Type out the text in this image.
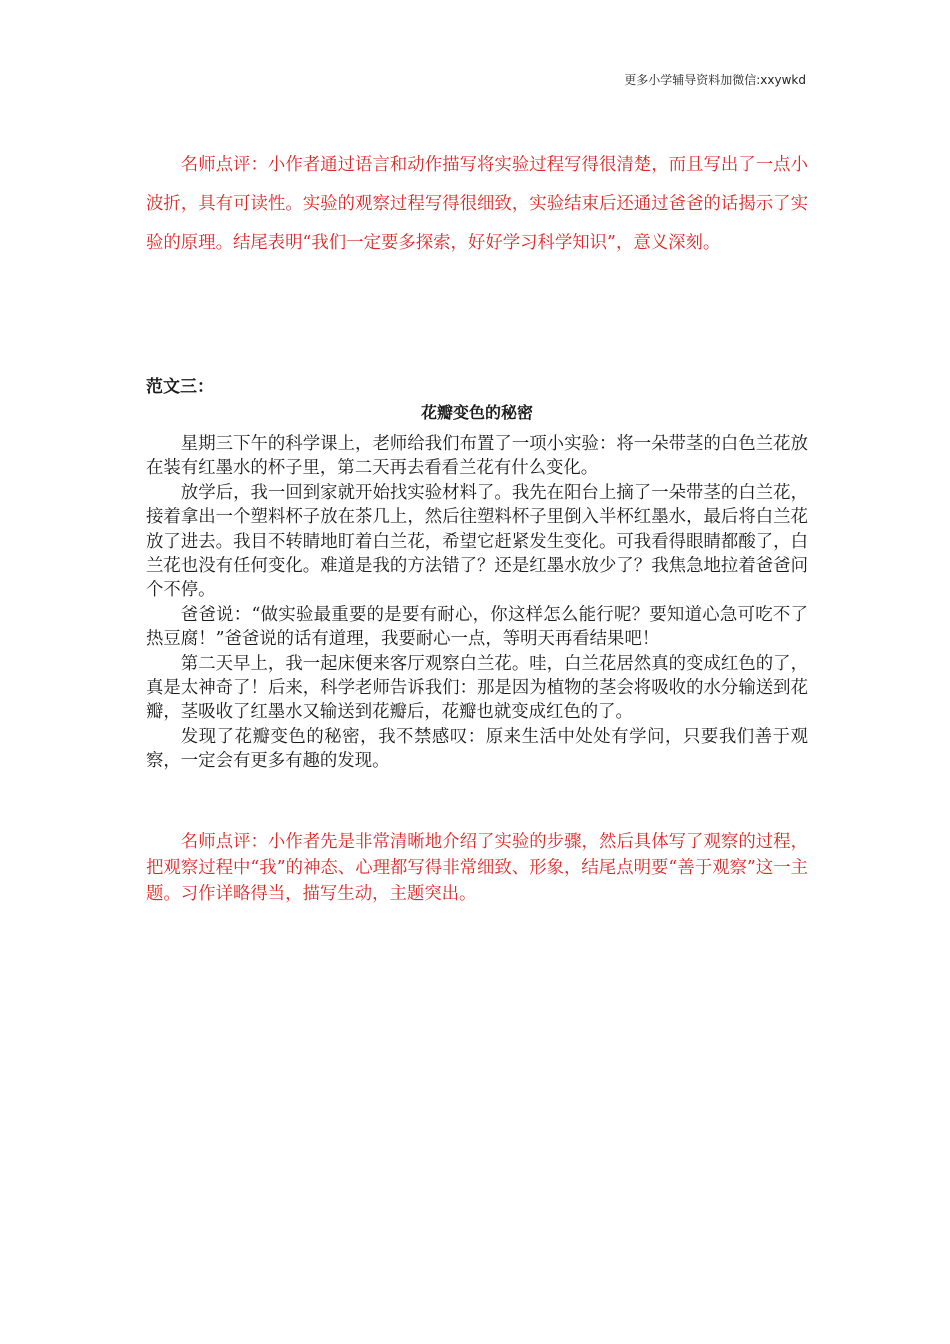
更多小学辅导资料加微信:xxywkd

名师点评：小作者通过语言和动作描写将实验过程写得很清楚，而且写出了一点小波折，具有可读性。实验的观察过程写得很细致，实验结束后还通过爸爸的话揭示了实验的原理。结尾表明“我们一定要多探索，好好学习科学知识”，意义深刻。

范文三：

花瓣变色的秘密

星期三下午的科学课上，老师给我们布置了一项小实验：将一朵带茎的白色兰花放在装有红墨水的杯子里，第二天再去看看兰花有什么变化。

放学后，我一回到家就开始找实验材料了。我先在阳台上摘了一朵带茎的白兰花，接着拿出一个塑料杯子放在茶几上，然后往塑料杯子里倒入半杯红墨水，最后将白兰花放了进去。我目不转睛地盯着白兰花，希望它赶紧发生变化。可我看得眼睛都酸了，白兰花也没有任何变化。难道是我的方法错了？还是红墨水放少了？我焦急地拉着爸爸问个不停。

爸爸说：“做实验最重要的是要有耐心，你这样怎么能行呢？要知道心急可吃不了热豆腐！”爸爸说的话有道理，我要耐心一点，等明天再看结果吧！

第二天早上，我一起床便来客厅观察白兰花。哇，白兰花居然真的变成红色的了，真是太神奇了！后来，科学老师告诉我们：那是因为植物的茎会将吸收的水分输送到花瓣，茎吸收了红墨水又输送到花瓣后，花瓣也就变成红色的了。

发现了花瓣变色的秘密，我不禁感叹：原来生活中处处有学问，只要我们善于观察，一定会有更多有趣的发现。

名师点评：小作者先是非常清晰地介绍了实验的步骤，然后具体写了观察的过程，把观察过程中“我”的神态、心理都写得非常细致、形象，结尾点明要“善于观察”这一主题。习作详略得当，描写生动，主题突出。
